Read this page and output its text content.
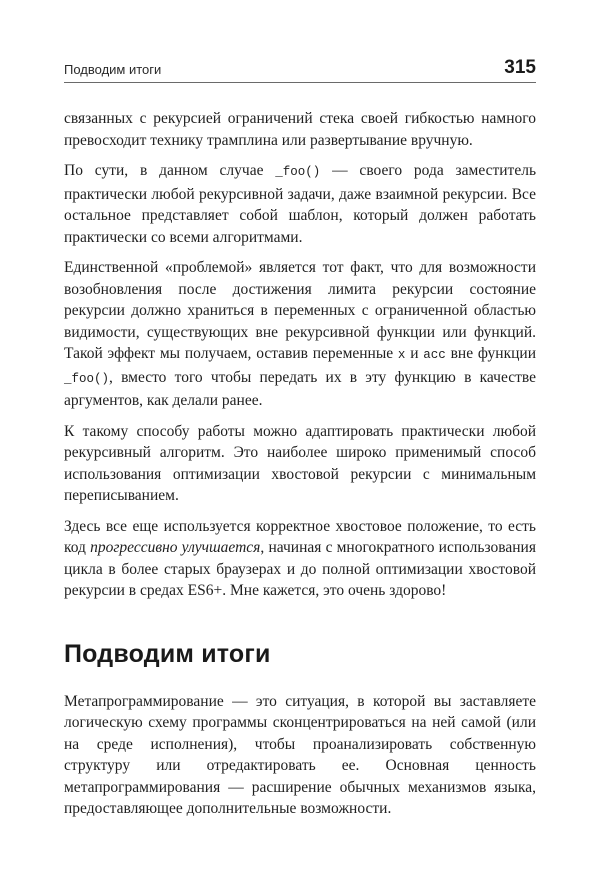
Подводим итоги	315

связанных с рекурсией ограничений стека своей гибкостью намного превосходит технику трамплина или развертывание вручную.

По сути, в данном случае _foo() — своего рода заместитель практически любой рекурсивной задачи, даже взаимной рекурсии. Все остальное представляет собой шаблон, который должен работать практически со всеми алгоритмами.

Единственной «проблемой» является тот факт, что для возможности возобновления после достижения лимита рекурсии состояние рекурсии должно храниться в переменных с ограниченной областью видимости, существующих вне рекурсивной функции или функций. Такой эффект мы получаем, оставив переменные x и acc вне функции _foo(), вместо того чтобы передать их в эту функцию в качестве аргументов, как делали ранее.

К такому способу работы можно адаптировать практически любой рекурсивный алгоритм. Это наиболее широко применимый способ использования оптимизации хвостовой рекурсии с минимальным переписыванием.

Здесь все еще используется корректное хвостовое положение, то есть код прогрессивно улучшается, начиная с многократного использования цикла в более старых браузерах и до полной оптимизации хвостовой рекурсии в средах ES6+. Мне кажется, это очень здорово!

Подводим итоги

Метапрограммирование — это ситуация, в которой вы заставляете логическую схему программы сконцентрироваться на ней самой (или на среде исполнения), чтобы проанализировать собственную структуру или отредактировать ее. Основная ценность метапрограммирования — расширение обычных механизмов языка, предоставляющее дополнительные возможности.
